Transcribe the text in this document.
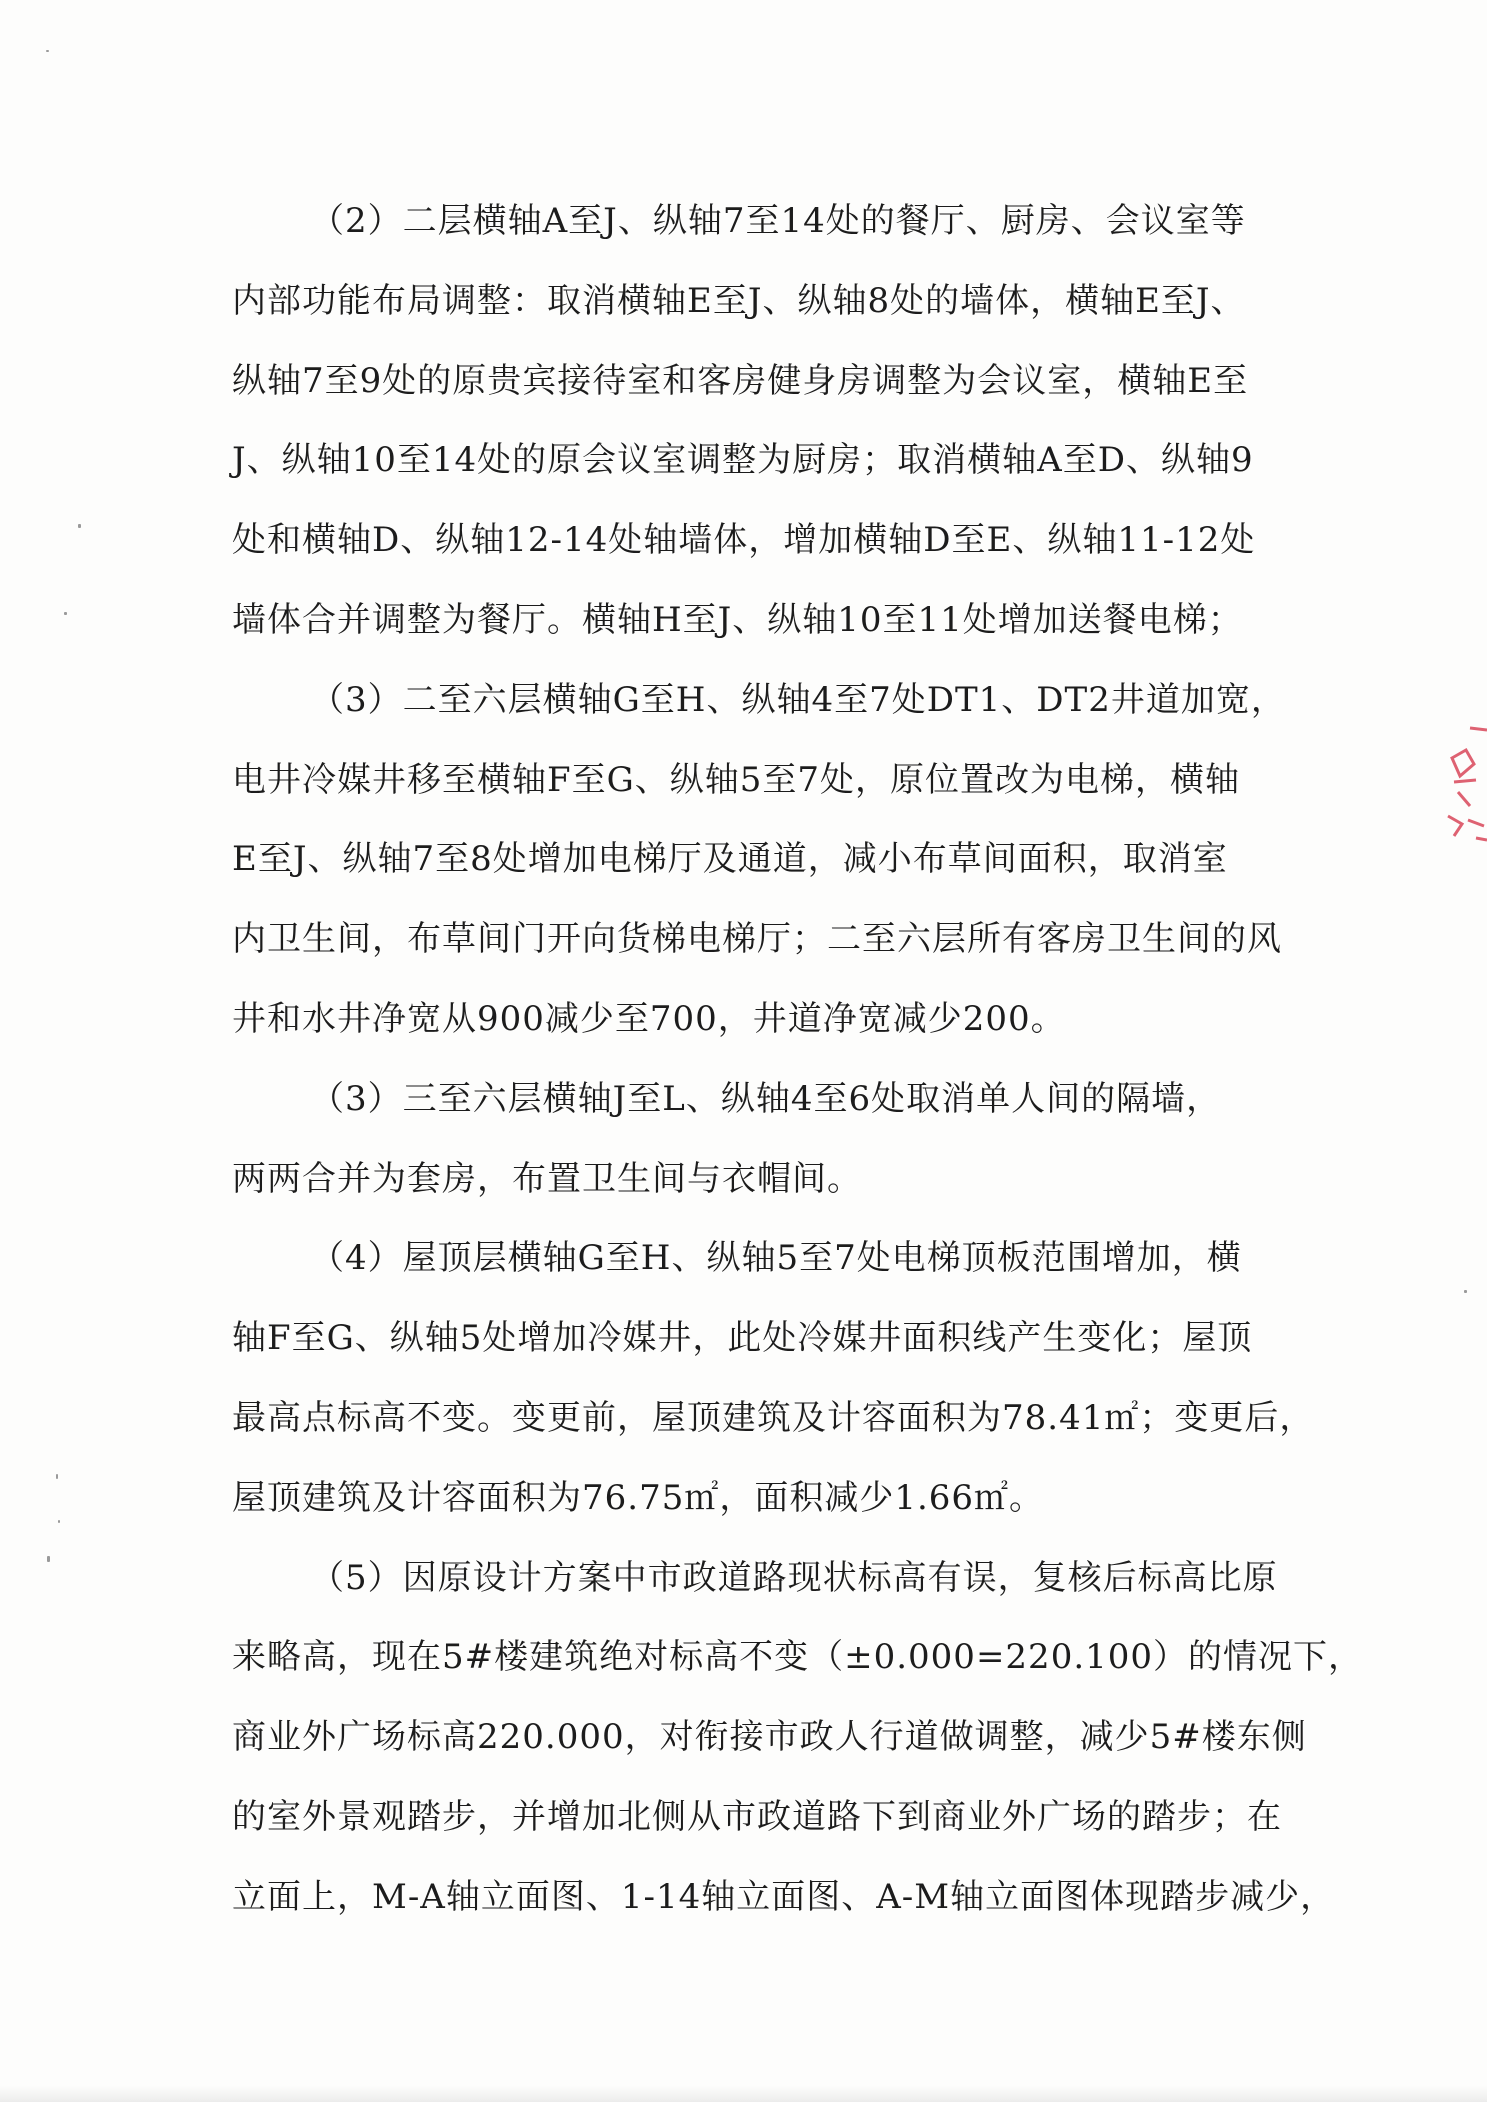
（2）二层横轴A至J、纵轴7至14处的餐厅、厨房、会议室等
内部功能布局调整：取消横轴E至J、纵轴8处的墙体，横轴E至J、
纵轴7至9处的原贵宾接待室和客房健身房调整为会议室，横轴E至
J、纵轴10至14处的原会议室调整为厨房；取消横轴A至D、纵轴9
处和横轴D、纵轴12-14处轴墙体，增加横轴D至E、纵轴11-12处
墙体合并调整为餐厅。横轴H至J、纵轴10至11处增加送餐电梯；
（3）二至六层横轴G至H、纵轴4至7处DT1、DT2井道加宽，
电井冷媒井移至横轴F至G、纵轴5至7处，原位置改为电梯，横轴
E至J、纵轴7至8处增加电梯厅及通道，减小布草间面积，取消室
内卫生间，布草间门开向货梯电梯厅；二至六层所有客房卫生间的风
井和水井净宽从900减少至700，井道净宽减少200。
（3）三至六层横轴J至L、纵轴4至6处取消单人间的隔墙，
两两合并为套房，布置卫生间与衣帽间。
（4）屋顶层横轴G至H、纵轴5至7处电梯顶板范围增加，横
轴F至G、纵轴5处增加冷媒井，此处冷媒井面积线产生变化；屋顶
最高点标高不变。变更前，屋顶建筑及计容面积为78.41㎡；变更后，
屋顶建筑及计容面积为76.75㎡，面积减少1.66㎡。
（5）因原设计方案中市政道路现状标高有误，复核后标高比原
来略高，现在5#楼建筑绝对标高不变（±0.000=220.100）的情况下，
商业外广场标高220.000，对衔接市政人行道做调整，减少5#楼东侧
的室外景观踏步，并增加北侧从市政道路下到商业外广场的踏步；在
立面上，M-A轴立面图、1-14轴立面图、A-M轴立面图体现踏步减少，
